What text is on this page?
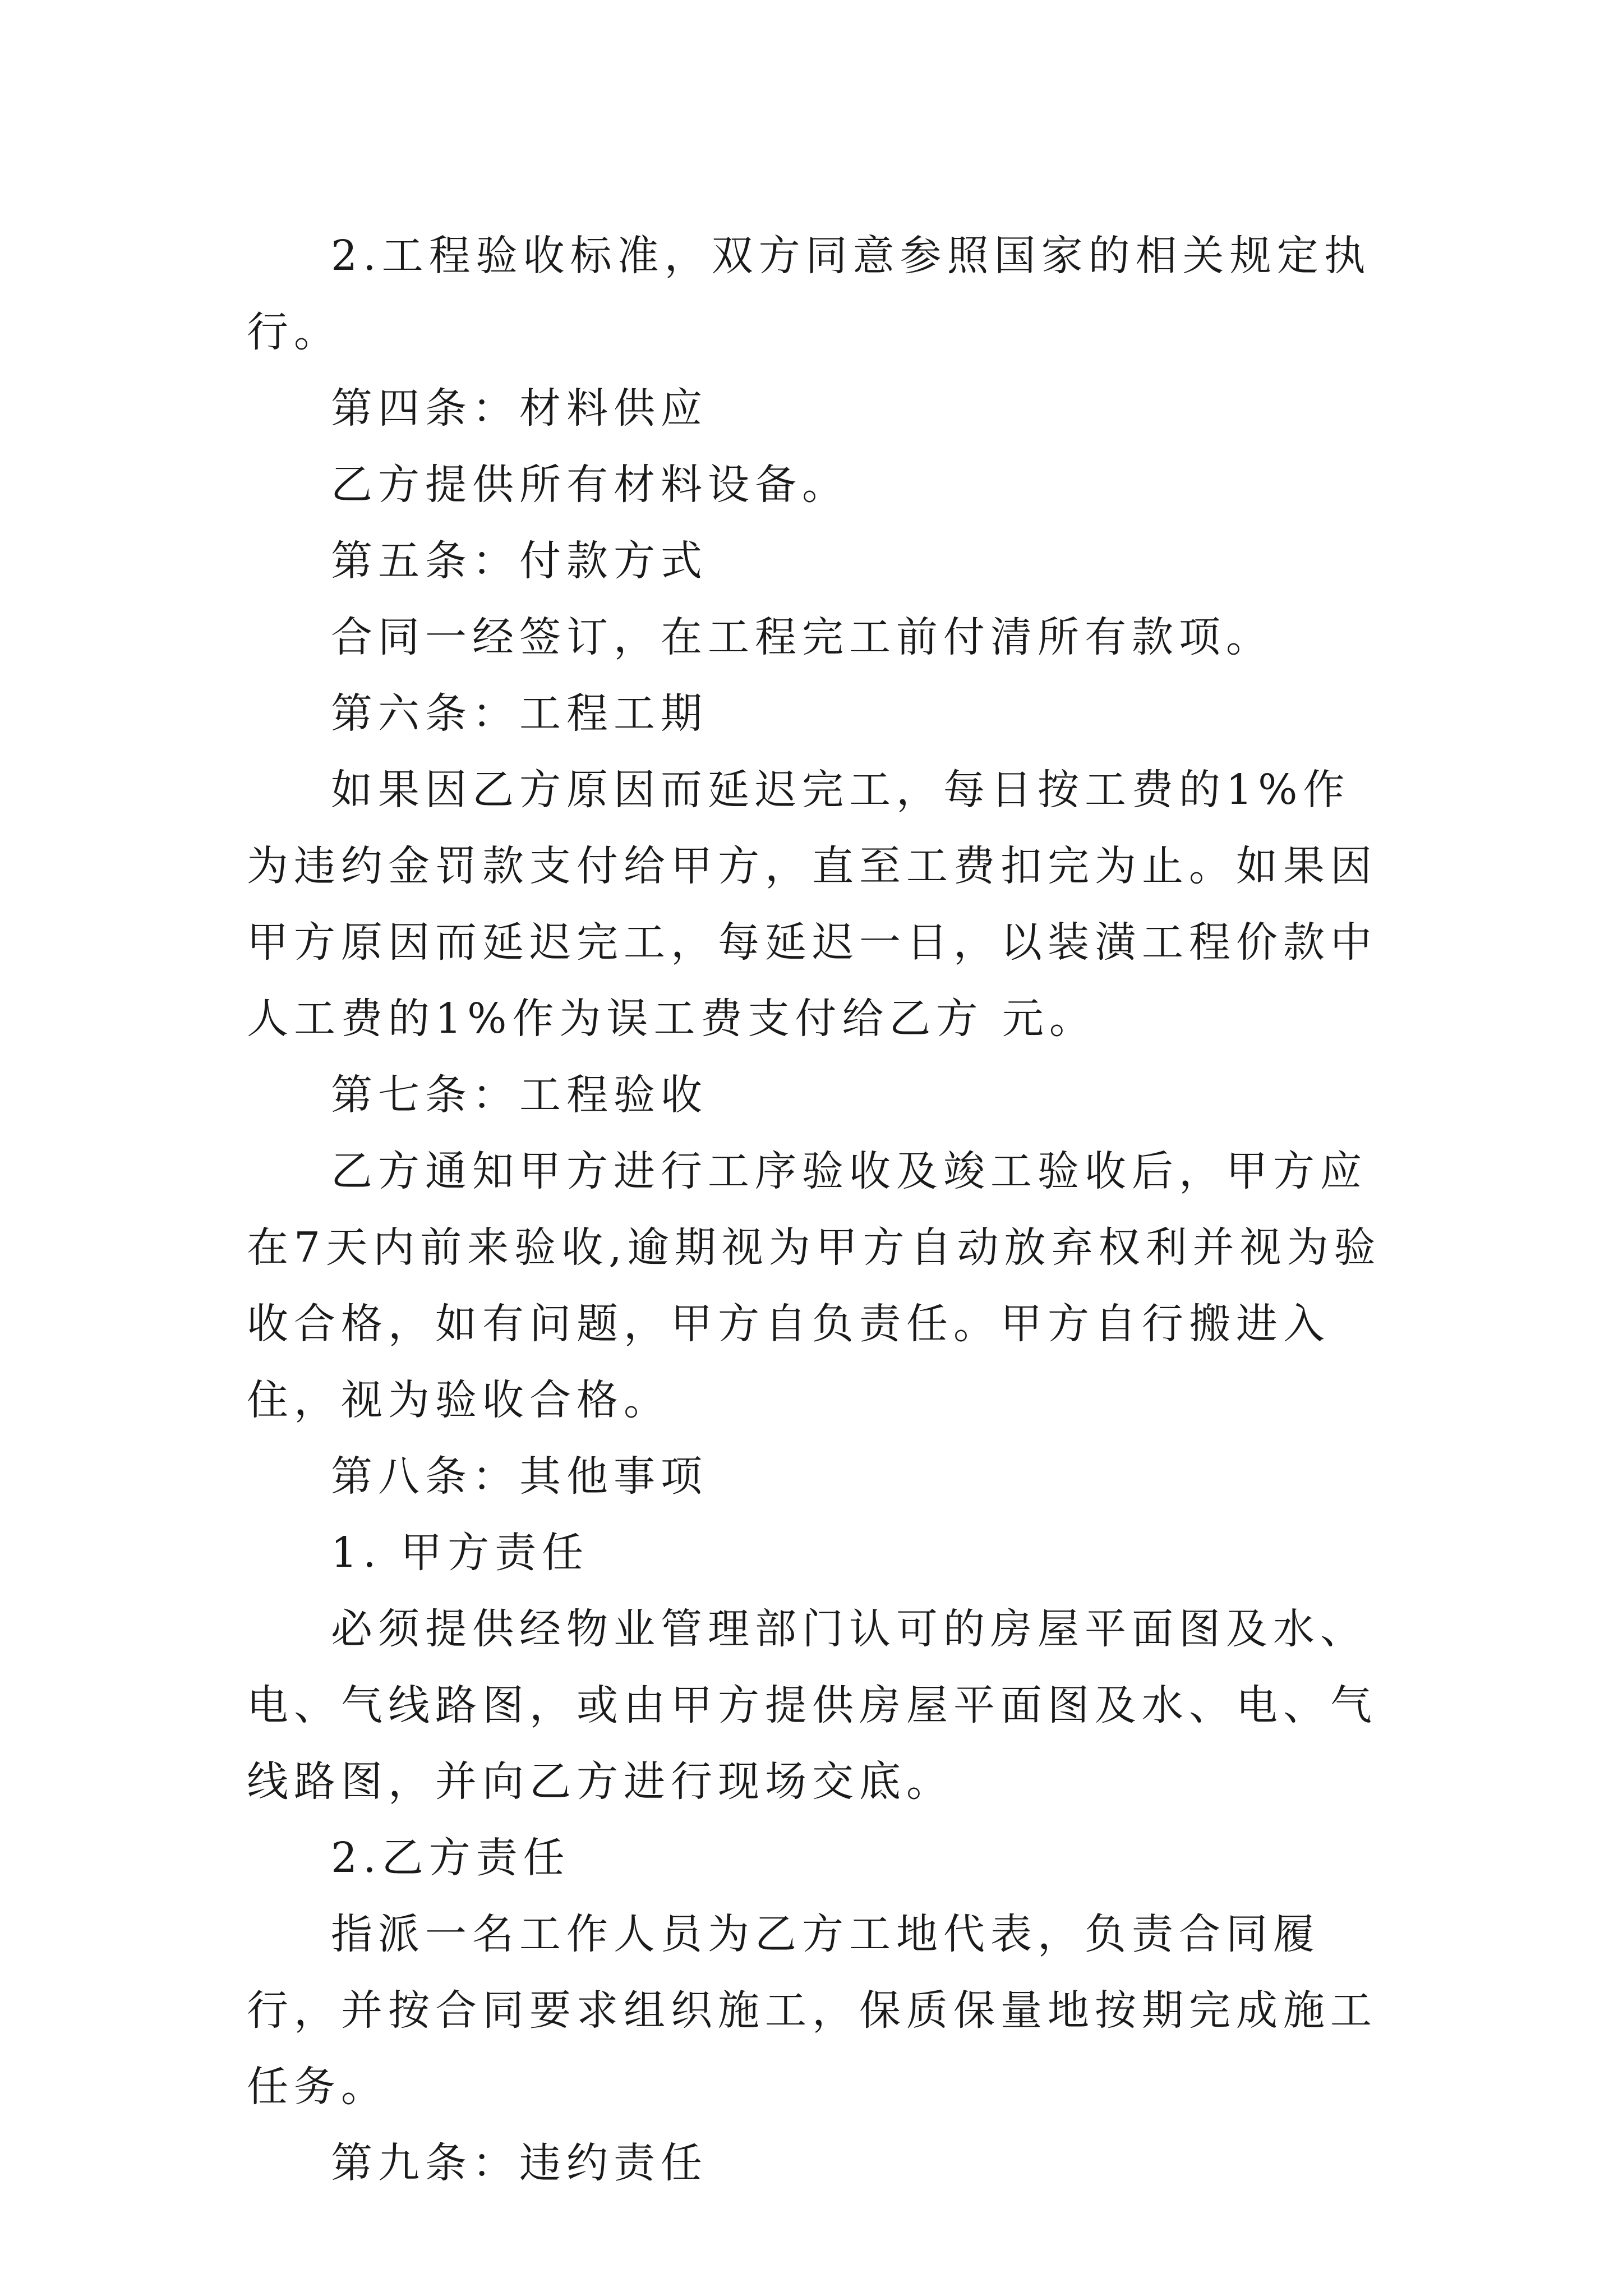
2.工程验收标准，双方同意参照国家的相关规定执行。

第四条：材料供应

乙方提供所有材料设备。

第五条：付款方式

合同一经签订，在工程完工前付清所有款项。

第六条：工程工期

如果因乙方原因而延迟完工，每日按工费的1%作为违约金罚款支付给甲方，直至工费扣完为止。如果因甲方原因而延迟完工，每延迟一日，以装潢工程价款中人工费的1%作为误工费支付给乙方 元。

第七条：工程验收

乙方通知甲方进行工序验收及竣工验收后，甲方应在7天内前来验收,逾期视为甲方自动放弃权利并视为验收合格，如有问题，甲方自负责任。甲方自行搬进入住，视为验收合格。

第八条：其他事项

1. 甲方责任

必须提供经物业管理部门认可的房屋平面图及水、电、气线路图，或由甲方提供房屋平面图及水、电、气线路图，并向乙方进行现场交底。

2.乙方责任

指派一名工作人员为乙方工地代表，负责合同履行，并按合同要求组织施工，保质保量地按期完成施工任务。

第九条：违约责任
